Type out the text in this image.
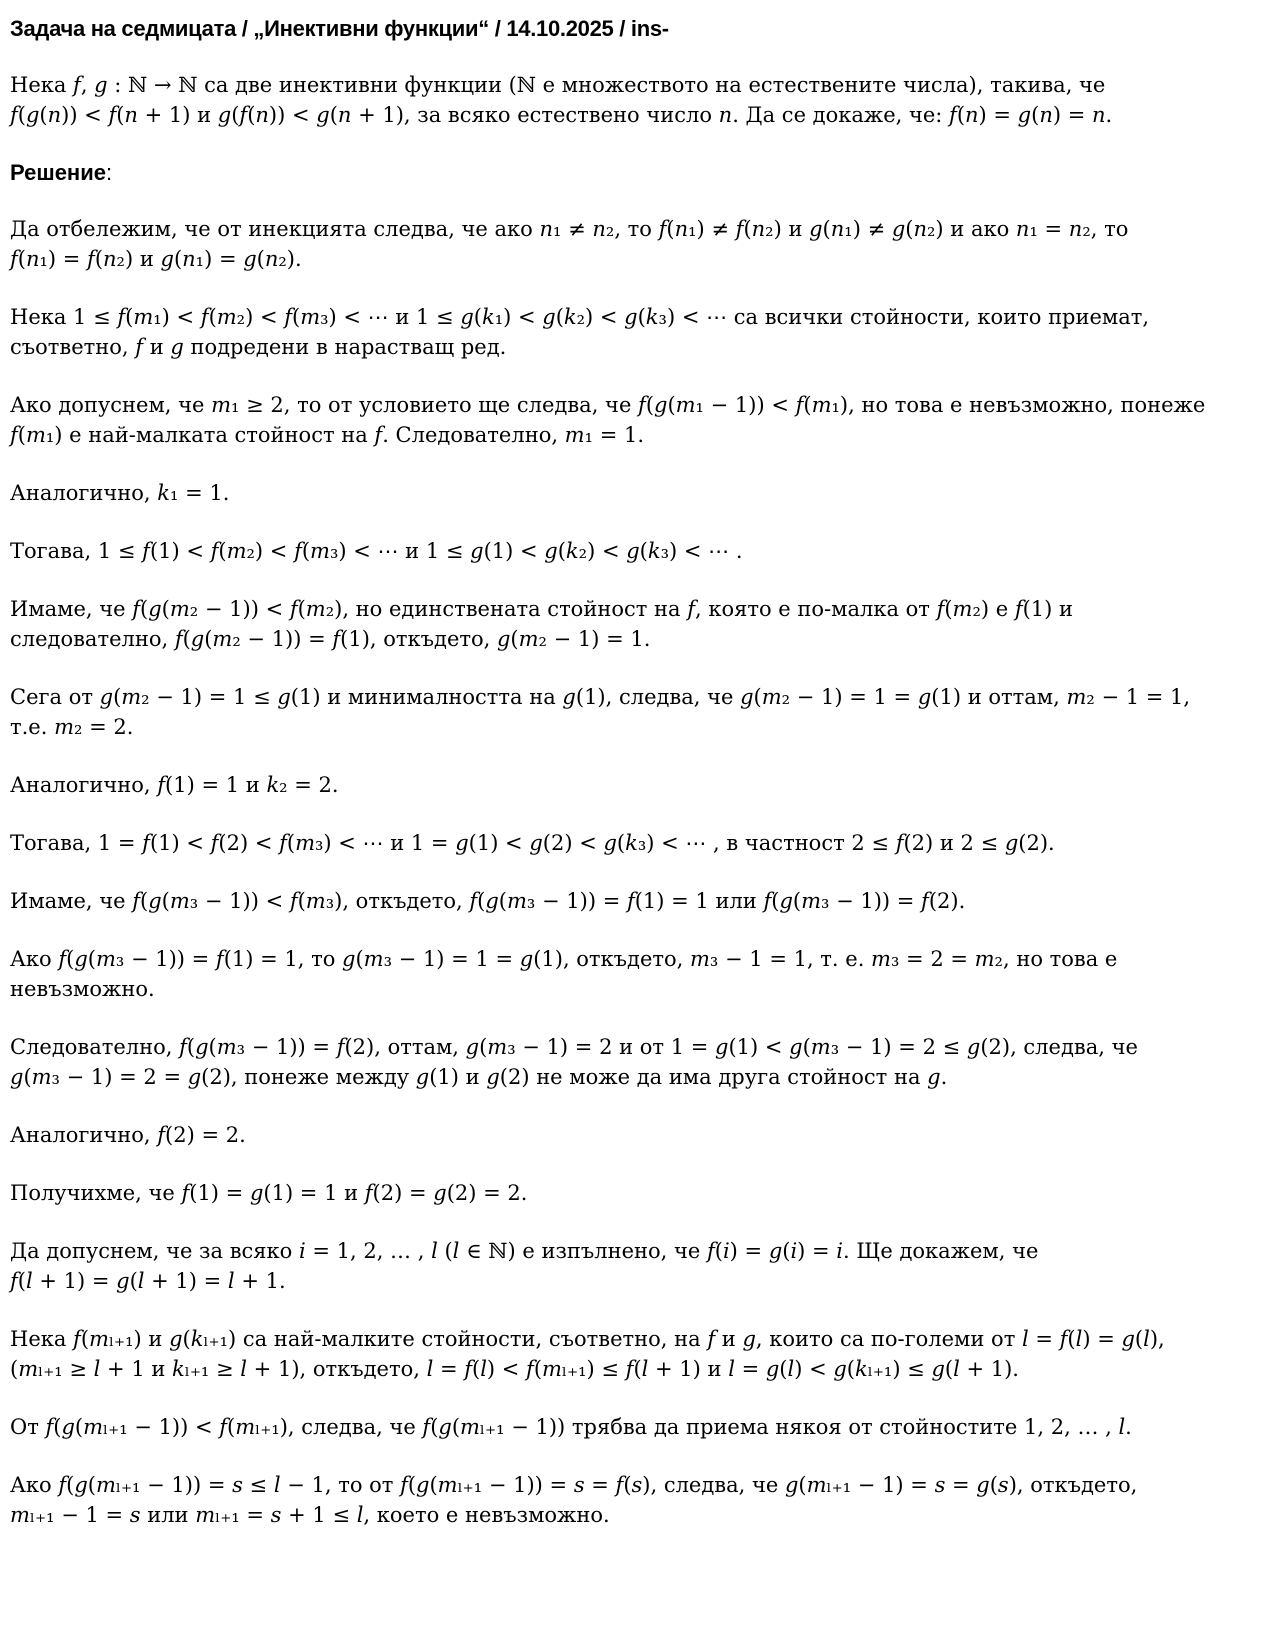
Задача на седмицата / „Инективни функции“ / 14.10.2025 / ins-
Нека 𝑓, 𝑔 : ℕ → ℕ са две инективни функции (ℕ е множеството на естествените числа), такива, че
𝑓(𝑔(𝑛)) < 𝑓(𝑛 + 1) и 𝑔(𝑓(𝑛)) < 𝑔(𝑛 + 1), за всяко естествено число 𝑛. Да се докаже, че: 𝑓(𝑛) = 𝑔(𝑛) = 𝑛.
Решение:
Да отбележим, че от инекцията следва, че ако 𝑛₁ ≠ 𝑛₂, то 𝑓(𝑛₁) ≠ 𝑓(𝑛₂) и 𝑔(𝑛₁) ≠ 𝑔(𝑛₂) и ако 𝑛₁ = 𝑛₂, то
𝑓(𝑛₁) = 𝑓(𝑛₂) и 𝑔(𝑛₁) = 𝑔(𝑛₂).
Нека 1 ≤ 𝑓(𝑚₁) < 𝑓(𝑚₂) < 𝑓(𝑚₃) < ⋯ и 1 ≤ 𝑔(𝑘₁) < 𝑔(𝑘₂) < 𝑔(𝑘₃) < ⋯ са всички стойности, които приемат,
съответно, 𝑓 и 𝑔 подредени в нарастващ ред.
Ако допуснем, че 𝑚₁ ≥ 2, то от условието ще следва, че 𝑓(𝑔(𝑚₁ − 1)) < 𝑓(𝑚₁), но това е невъзможно, понеже
𝑓(𝑚₁) е най-малката стойност на 𝑓. Следователно, 𝑚₁ = 1.
Аналогично, 𝑘₁ = 1.
Тогава, 1 ≤ 𝑓(1) < 𝑓(𝑚₂) < 𝑓(𝑚₃) < ⋯ и 1 ≤ 𝑔(1) < 𝑔(𝑘₂) < 𝑔(𝑘₃) < ⋯ .
Имаме, че 𝑓(𝑔(𝑚₂ − 1)) < 𝑓(𝑚₂), но единствената стойност на 𝑓, която е по-малка от 𝑓(𝑚₂) е 𝑓(1) и
следователно, 𝑓(𝑔(𝑚₂ − 1)) = 𝑓(1), откъдето, 𝑔(𝑚₂ − 1) = 1.
Сега от 𝑔(𝑚₂ − 1) = 1 ≤ 𝑔(1) и минималността на 𝑔(1), следва, че 𝑔(𝑚₂ − 1) = 1 = 𝑔(1) и оттам, 𝑚₂ − 1 = 1,
т.е. 𝑚₂ = 2.
Аналогично, 𝑓(1) = 1 и 𝑘₂ = 2.
Тогава, 1 = 𝑓(1) < 𝑓(2) < 𝑓(𝑚₃) < ⋯ и 1 = 𝑔(1) < 𝑔(2) < 𝑔(𝑘₃) < ⋯ , в частност 2 ≤ 𝑓(2) и 2 ≤ 𝑔(2).
Имаме, че 𝑓(𝑔(𝑚₃ − 1)) < 𝑓(𝑚₃), откъдето, 𝑓(𝑔(𝑚₃ − 1)) = 𝑓(1) = 1 или 𝑓(𝑔(𝑚₃ − 1)) = 𝑓(2).
Ако 𝑓(𝑔(𝑚₃ − 1)) = 𝑓(1) = 1, то 𝑔(𝑚₃ − 1) = 1 = 𝑔(1), откъдето, 𝑚₃ − 1 = 1, т. е. 𝑚₃ = 2 = 𝑚₂, но това е
невъзможно.
Следователно, 𝑓(𝑔(𝑚₃ − 1)) = 𝑓(2), оттам, 𝑔(𝑚₃ − 1) = 2 и от 1 = 𝑔(1) < 𝑔(𝑚₃ − 1) = 2 ≤ 𝑔(2), следва, че
𝑔(𝑚₃ − 1) = 2 = 𝑔(2), понеже между 𝑔(1) и 𝑔(2) не може да има друга стойност на 𝑔.
Аналогично, 𝑓(2) = 2.
Получихме, че 𝑓(1) = 𝑔(1) = 1 и 𝑓(2) = 𝑔(2) = 2.
Да допуснем, че за всяко 𝑖 = 1, 2, … , 𝑙 (𝑙 ∈ ℕ) е изпълнено, че 𝑓(𝑖) = 𝑔(𝑖) = 𝑖. Ще докажем, че
𝑓(𝑙 + 1) = 𝑔(𝑙 + 1) = 𝑙 + 1.
Нека 𝑓(𝑚ₗ₊₁) и 𝑔(𝑘ₗ₊₁) са най-малките стойности, съответно, на 𝑓 и 𝑔, които са по-големи от 𝑙 = 𝑓(𝑙) = 𝑔(𝑙),
(𝑚ₗ₊₁ ≥ 𝑙 + 1 и 𝑘ₗ₊₁ ≥ 𝑙 + 1), откъдето, 𝑙 = 𝑓(𝑙) < 𝑓(𝑚ₗ₊₁) ≤ 𝑓(𝑙 + 1) и 𝑙 = 𝑔(𝑙) < 𝑔(𝑘ₗ₊₁) ≤ 𝑔(𝑙 + 1).
От 𝑓(𝑔(𝑚ₗ₊₁ − 1)) < 𝑓(𝑚ₗ₊₁), следва, че 𝑓(𝑔(𝑚ₗ₊₁ − 1)) трябва да приема някоя от стойностите 1, 2, … , 𝑙.
Ако 𝑓(𝑔(𝑚ₗ₊₁ − 1)) = 𝑠 ≤ 𝑙 − 1, то от 𝑓(𝑔(𝑚ₗ₊₁ − 1)) = 𝑠 = 𝑓(𝑠), следва, че 𝑔(𝑚ₗ₊₁ − 1) = 𝑠 = 𝑔(𝑠), откъдето,
𝑚ₗ₊₁ − 1 = 𝑠 или 𝑚ₗ₊₁ = 𝑠 + 1 ≤ 𝑙, което е невъзможно.
